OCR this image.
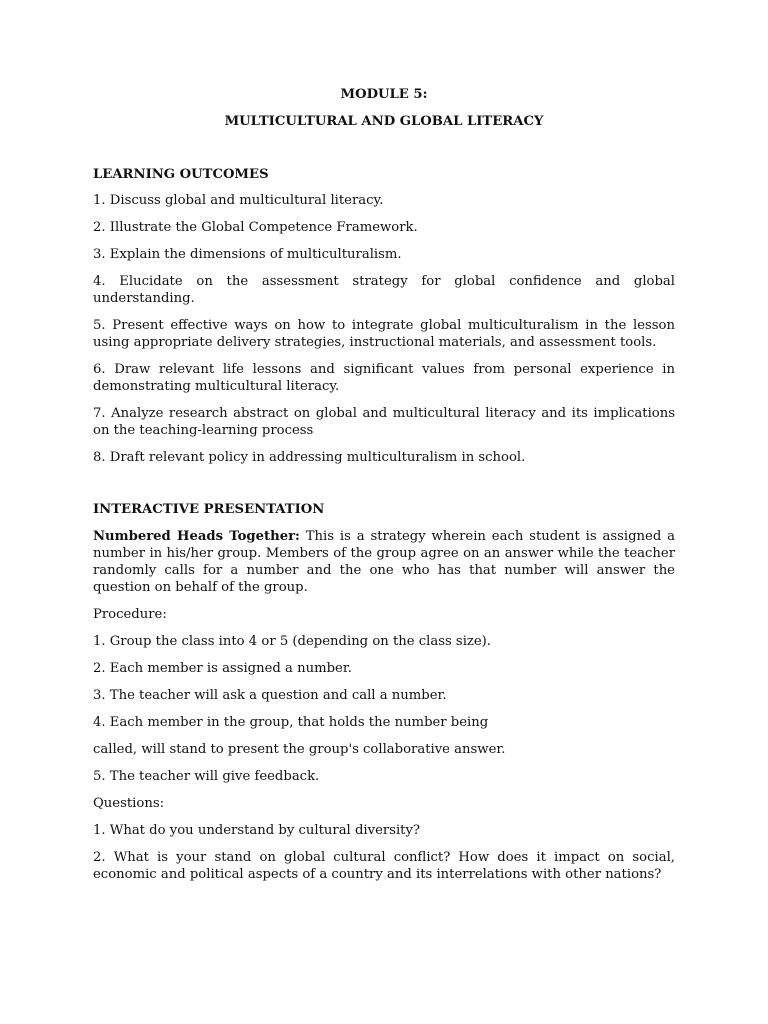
MODULE 5:

MULTICULTURAL AND GLOBAL LITERACY

LEARNING OUTCOMES

1. Discuss global and multicultural literacy.

2. Illustrate the Global Competence Framework.

3. Explain the dimensions of multiculturalism.

4. Elucidate on the assessment strategy for global confidence and global understanding.

5. Present effective ways on how to integrate global multiculturalism in the lesson using appropriate delivery strategies, instructional materials, and assessment tools.

6. Draw relevant life lessons and significant values from personal experience in demonstrating multicultural literacy.

7. Analyze research abstract on global and multicultural literacy and its implications on the teaching-learning process

8. Draft relevant policy in addressing multiculturalism in school.

INTERACTIVE PRESENTATION

Numbered Heads Together: This is a strategy wherein each student is assigned a number in his/her group. Members of the group agree on an answer while the teacher randomly calls for a number and the one who has that number will answer the question on behalf of the group.

Procedure:

1. Group the class into 4 or 5 (depending on the class size).

2. Each member is assigned a number.

3. The teacher will ask a question and call a number.

4. Each member in the group, that holds the number being

called, will stand to present the group's collaborative answer.

5. The teacher will give feedback.

Questions:

1. What do you understand by cultural diversity?

2. What is your stand on global cultural conflict? How does it impact on social, economic and political aspects of a country and its interrelations with other nations?
